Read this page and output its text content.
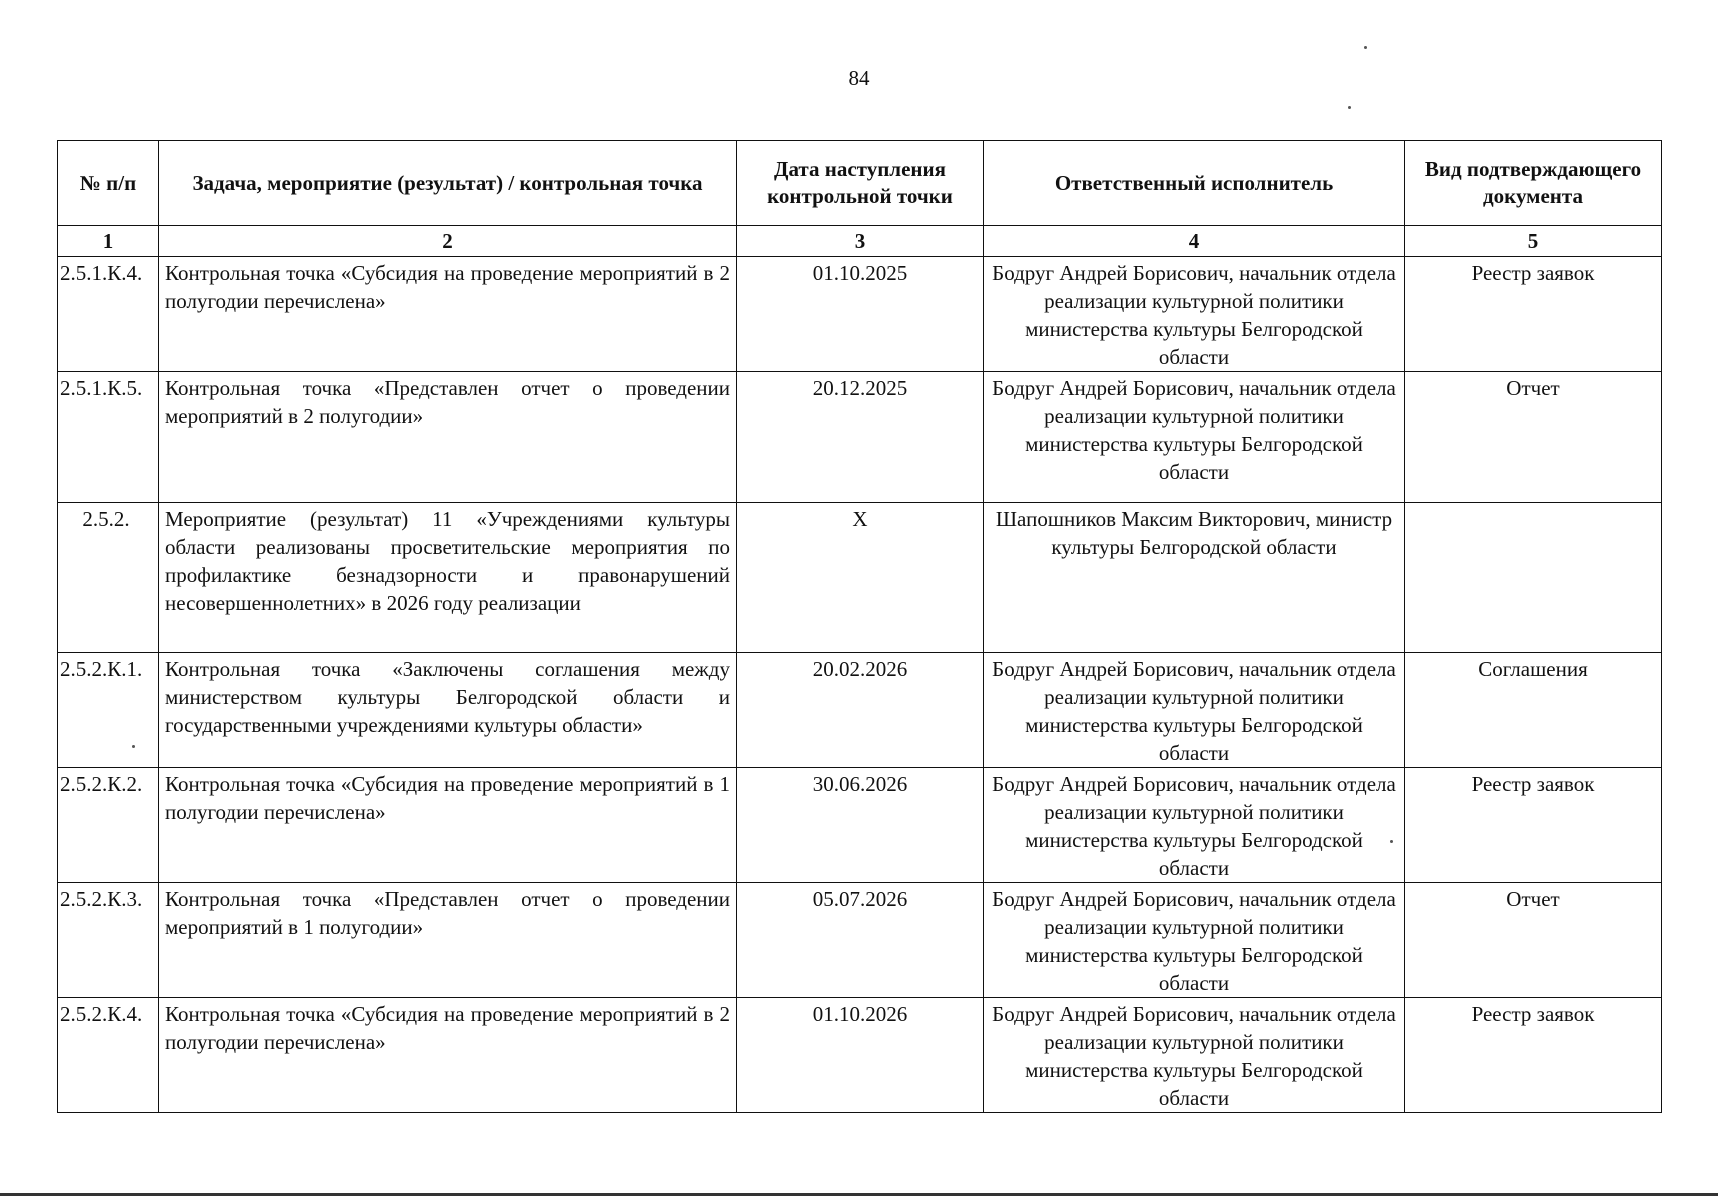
84
№ п/п	Задача, мероприятие (результат) / контрольная точка	Дата наступления контрольной точки	Ответственный исполнитель	Вид подтверждающего документа
1	2	3	4	5
2.5.1.К.4.	Контрольная точка «Субсидия на проведение мероприятий в 2 полугодии перечислена»	01.10.2025	Бодруг Андрей Борисович, начальник отдела реализации культурной политики министерства культуры Белгородской области	Реестр заявок
2.5.1.К.5.	Контрольная точка «Представлен отчет о проведении мероприятий в 2 полугодии»	20.12.2025	Бодруг Андрей Борисович, начальник отдела реализации культурной политики министерства культуры Белгородской области	Отчет
2.5.2.	Мероприятие (результат) 11 «Учреждениями культуры области реализованы просветительские мероприятия по профилактике безнадзорности и правонарушений несовершеннолетних» в 2026 году реализации	Х	Шапошников Максим Викторович, министр культуры Белгородской области	
2.5.2.К.1.	Контрольная точка «Заключены соглашения между министерством культуры Белгородской области и государственными учреждениями культуры области»	20.02.2026	Бодруг Андрей Борисович, начальник отдела реализации культурной политики министерства культуры Белгородской области	Соглашения
2.5.2.К.2.	Контрольная точка «Субсидия на проведение мероприятий в 1 полугодии перечислена»	30.06.2026	Бодруг Андрей Борисович, начальник отдела реализации культурной политики министерства культуры Белгородской области	Реестр заявок
2.5.2.К.3.	Контрольная точка «Представлен отчет о проведении мероприятий в 1 полугодии»	05.07.2026	Бодруг Андрей Борисович, начальник отдела реализации культурной политики министерства культуры Белгородской области	Отчет
2.5.2.К.4.	Контрольная точка «Субсидия на проведение мероприятий в 2 полугодии перечислена»	01.10.2026	Бодруг Андрей Борисович, начальник отдела реализации культурной политики министерства культуры Белгородской области	Реестр заявок
